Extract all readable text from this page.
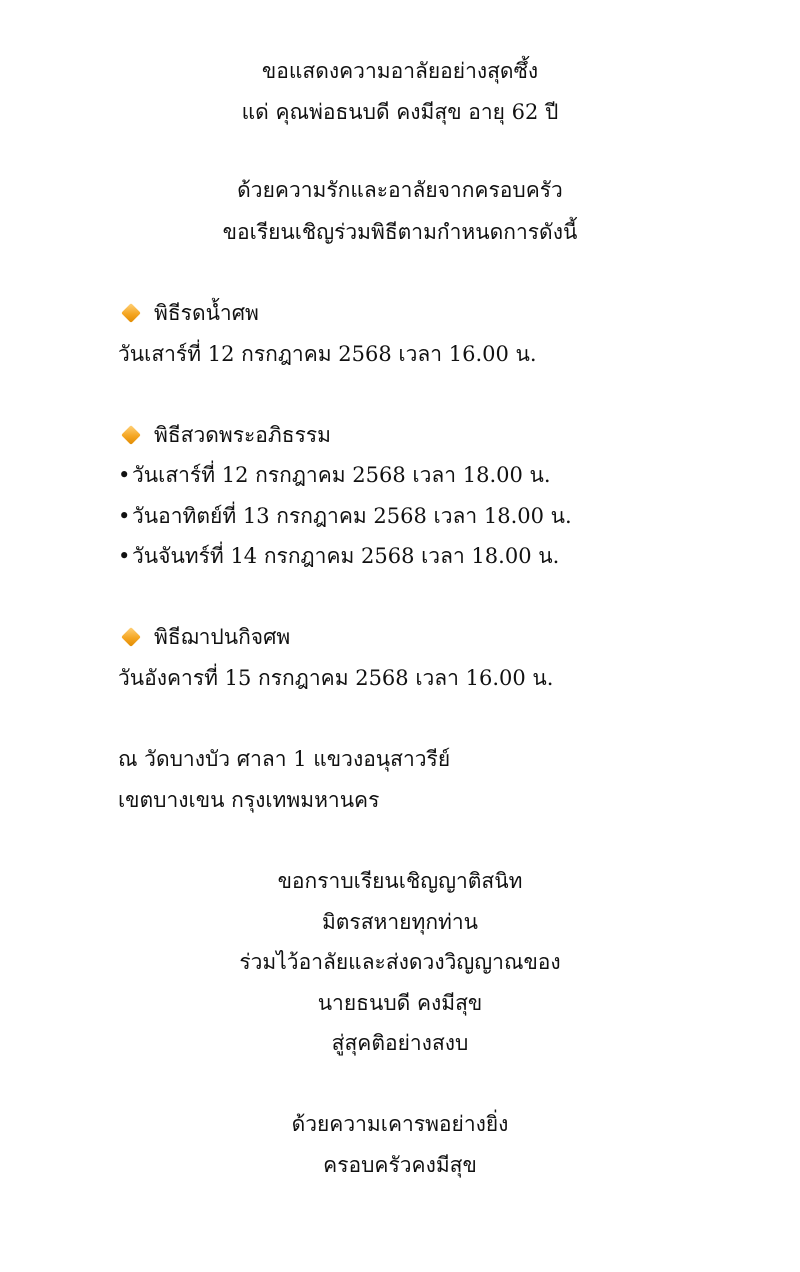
ขอแสดงความอาลัยอย่างสุดซึ้ง
แด่ คุณพ่อธนบดี คงมีสุข อายุ 62 ปี
ด้วยความรักและอาลัยจากครอบครัว
ขอเรียนเชิญร่วมพิธีตามกำหนดการดังนี้
พิธีรดน้ำศพ
วันเสาร์ที่ 12 กรกฎาคม 2568 เวลา 16.00 น.
พิธีสวดพระอภิธรรม
•วันเสาร์ที่ 12 กรกฎาคม 2568 เวลา 18.00 น.
•วันอาทิตย์ที่ 13 กรกฎาคม 2568 เวลา 18.00 น.
•วันจันทร์ที่ 14 กรกฎาคม 2568 เวลา 18.00 น.
พิธีฌาปนกิจศพ
วันอังคารที่ 15 กรกฎาคม 2568 เวลา 16.00 น.
ณ วัดบางบัว ศาลา 1 แขวงอนุสาวรีย์
เขตบางเขน กรุงเทพมหานคร
ขอกราบเรียนเชิญญาติสนิท
มิตรสหายทุกท่าน
ร่วมไว้อาลัยและส่งดวงวิญญาณของ
นายธนบดี คงมีสุข
สู่สุคติอย่างสงบ
ด้วยความเคารพอย่างยิ่ง
ครอบครัวคงมีสุข
